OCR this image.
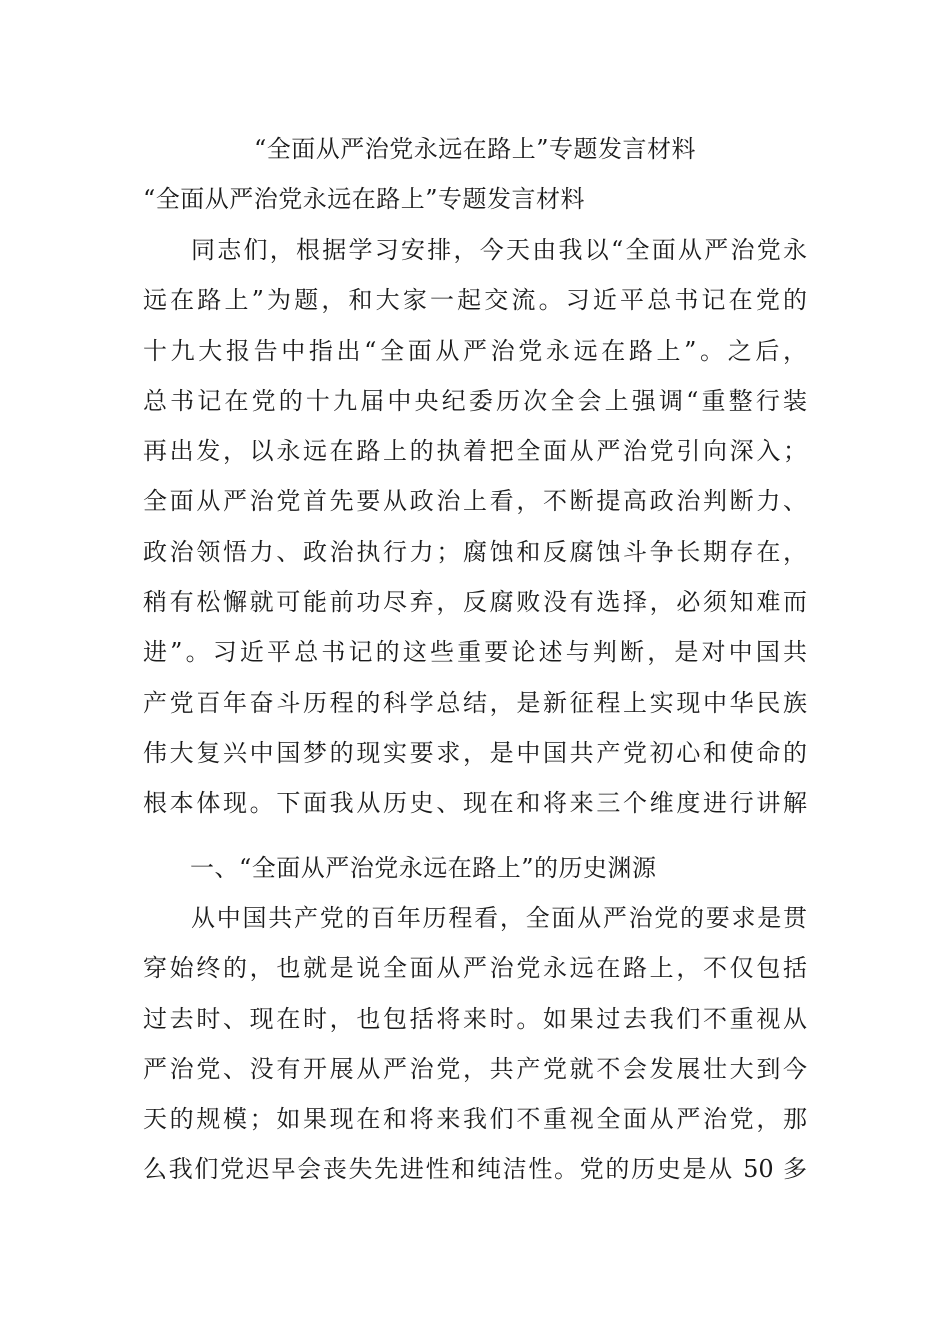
“全面从严治党永远在路上”专题发言材料
“全面从严治党永远在路上”专题发言材料
同志们，根据学习安排，今天由我以“全面从严治党永
远在路上”为题，和大家一起交流。习近平总书记在党的
十九大报告中指出“全面从严治党永远在路上”。之后，
总书记在党的十九届中央纪委历次全会上强调“重整行装
再出发，以永远在路上的执着把全面从严治党引向深入；
全面从严治党首先要从政治上看，不断提高政治判断力、
政治领悟力、政治执行力；腐蚀和反腐蚀斗争长期存在，
稍有松懈就可能前功尽弃，反腐败没有选择，必须知难而
进”。习近平总书记的这些重要论述与判断，是对中国共
产党百年奋斗历程的科学总结，是新征程上实现中华民族
伟大复兴中国梦的现实要求，是中国共产党初心和使命的
根本体现。下面我从历史、现在和将来三个维度进行讲解
一、“全面从严治党永远在路上”的历史渊源
从中国共产党的百年历程看，全面从严治党的要求是贯
穿始终的，也就是说全面从严治党永远在路上，不仅包括
过去时、现在时，也包括将来时。如果过去我们不重视从
严治党、没有开展从严治党，共产党就不会发展壮大到今
天的规模；如果现在和将来我们不重视全面从严治党，那
么我们党迟早会丧失先进性和纯洁性。党的历史是从 50 多
